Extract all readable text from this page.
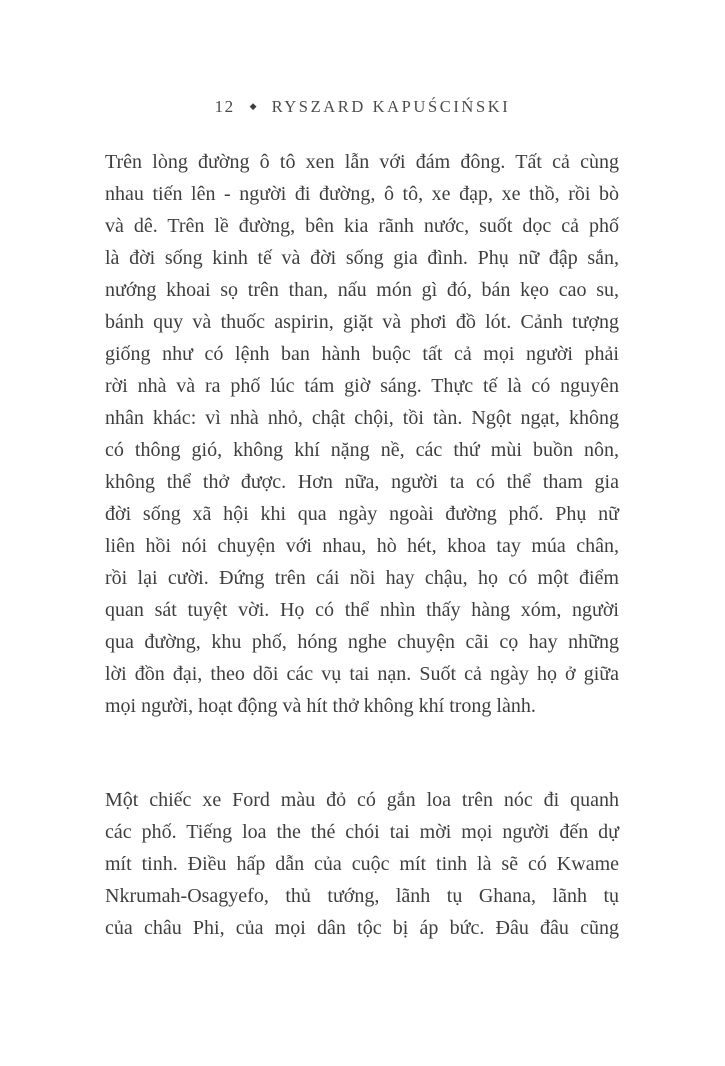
12 ◆ RYSZARD KAPUŚCIŃSKI
Trên lòng đường ô tô xen lẫn với đám đông. Tất cả cùng
nhau tiến lên - người đi đường, ô tô, xe đạp, xe thồ, rồi bò
và dê. Trên lề đường, bên kia rãnh nước, suốt dọc cả phố
là đời sống kinh tế và đời sống gia đình. Phụ nữ đập sắn,
nướng khoai sọ trên than, nấu món gì đó, bán kẹo cao su,
bánh quy và thuốc aspirin, giặt và phơi đồ lót. Cảnh tượng
giống như có lệnh ban hành buộc tất cả mọi người phải
rời nhà và ra phố lúc tám giờ sáng. Thực tế là có nguyên
nhân khác: vì nhà nhỏ, chật chội, tồi tàn. Ngột ngạt, không
có thông gió, không khí nặng nề, các thứ mùi buồn nôn,
không thể thở được. Hơn nữa, người ta có thể tham gia
đời sống xã hội khi qua ngày ngoài đường phố. Phụ nữ
liên hồi nói chuyện với nhau, hò hét, khoa tay múa chân,
rồi lại cười. Đứng trên cái nồi hay chậu, họ có một điểm
quan sát tuyệt vời. Họ có thể nhìn thấy hàng xóm, người
qua đường, khu phố, hóng nghe chuyện cãi cọ hay những
lời đồn đại, theo dõi các vụ tai nạn. Suốt cả ngày họ ở giữa
mọi người, hoạt động và hít thở không khí trong lành.
Một chiếc xe Ford màu đỏ có gắn loa trên nóc đi quanh
các phố. Tiếng loa the thé chói tai mời mọi người đến dự
mít tinh. Điều hấp dẫn của cuộc mít tinh là sẽ có Kwame
Nkrumah-Osagyefo, thủ tướng, lãnh tụ Ghana, lãnh tụ
của châu Phi, của mọi dân tộc bị áp bức. Đâu đâu cũng
